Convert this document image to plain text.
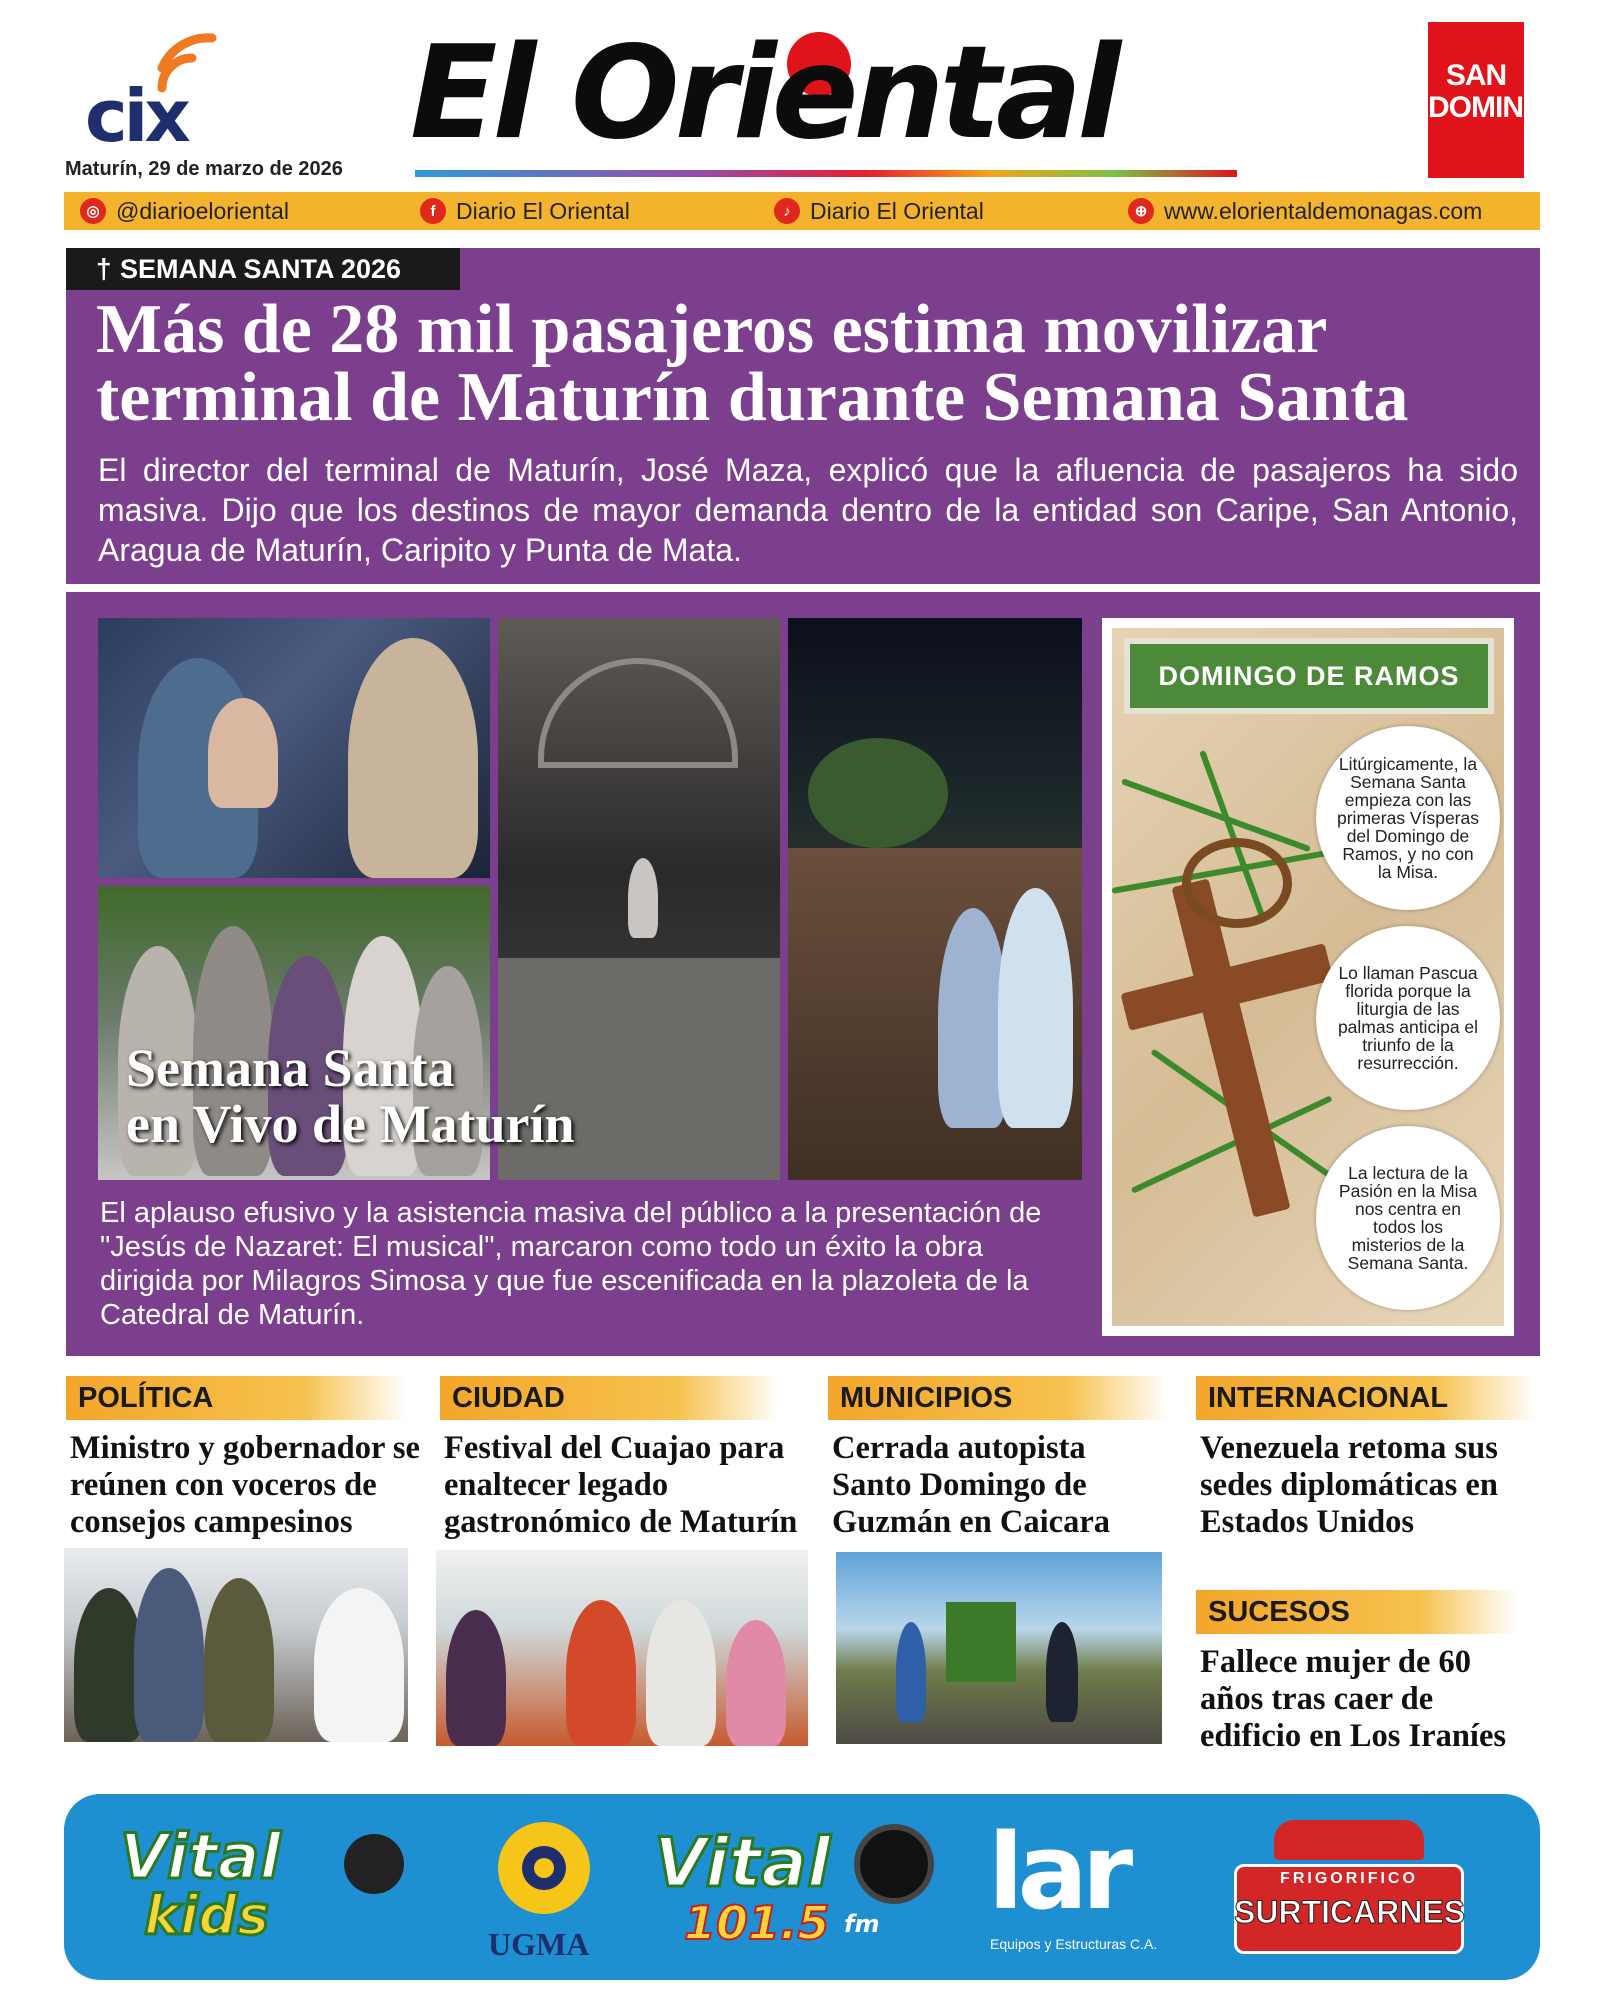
cix
Maturín, 29 de marzo de 2026
El Oriental	SAN DOMINGO
◎ @diarioeloriental	f Diario El Oriental	♪ Diario El Oriental	⊕ www.elorientaldemonagas.com
† SEMANA SANTA 2026
Más de 28 mil pasajeros estima movilizar terminal de Maturín durante Semana Santa
El director del terminal de Maturín, José Maza, explicó que la afluencia de pasajeros ha sido masiva. Dijo que los destinos de mayor demanda dentro de la entidad son Caripe, San Antonio, Aragua de Maturín, Caripito y Punta de Mata.
Semana Santa
en Vivo de Maturín
El aplauso efusivo y la asistencia masiva del público a la presentación de "Jesús de Nazaret: El musical", marcaron como todo un éxito la obra dirigida por Milagros Simosa y que fue escenificada en la plazoleta de la Catedral de Maturín.
DOMINGO DE RAMOS
Litúrgicamente, la Semana Santa empieza con las primeras Vísperas del Domingo de Ramos, y no con la Misa.
Lo llaman Pascua florida porque la liturgia de las palmas anticipa el triunfo de la resurrección.
La lectura de la Pasión en la Misa nos centra en todos los misterios de la Semana Santa.
POLÍTICA
Ministro y gobernador se reúnen con voceros de consejos campesinos
CIUDAD
Festival del Cuajao para enaltecer legado gastronómico de Maturín
MUNICIPIOS
Cerrada autopista Santo Domingo de Guzmán en Caicara
INTERNACIONAL
Venezuela retoma sus sedes diplomáticas en Estados Unidos
SUCESOS
Fallece mujer de 60 años tras caer de edificio en Los Iraníes
Vital
kids	UGMA
Vital
101.5 fm lar
Equipos y Estructuras C.A.
FRIGORIFICO
SURTICARNES
